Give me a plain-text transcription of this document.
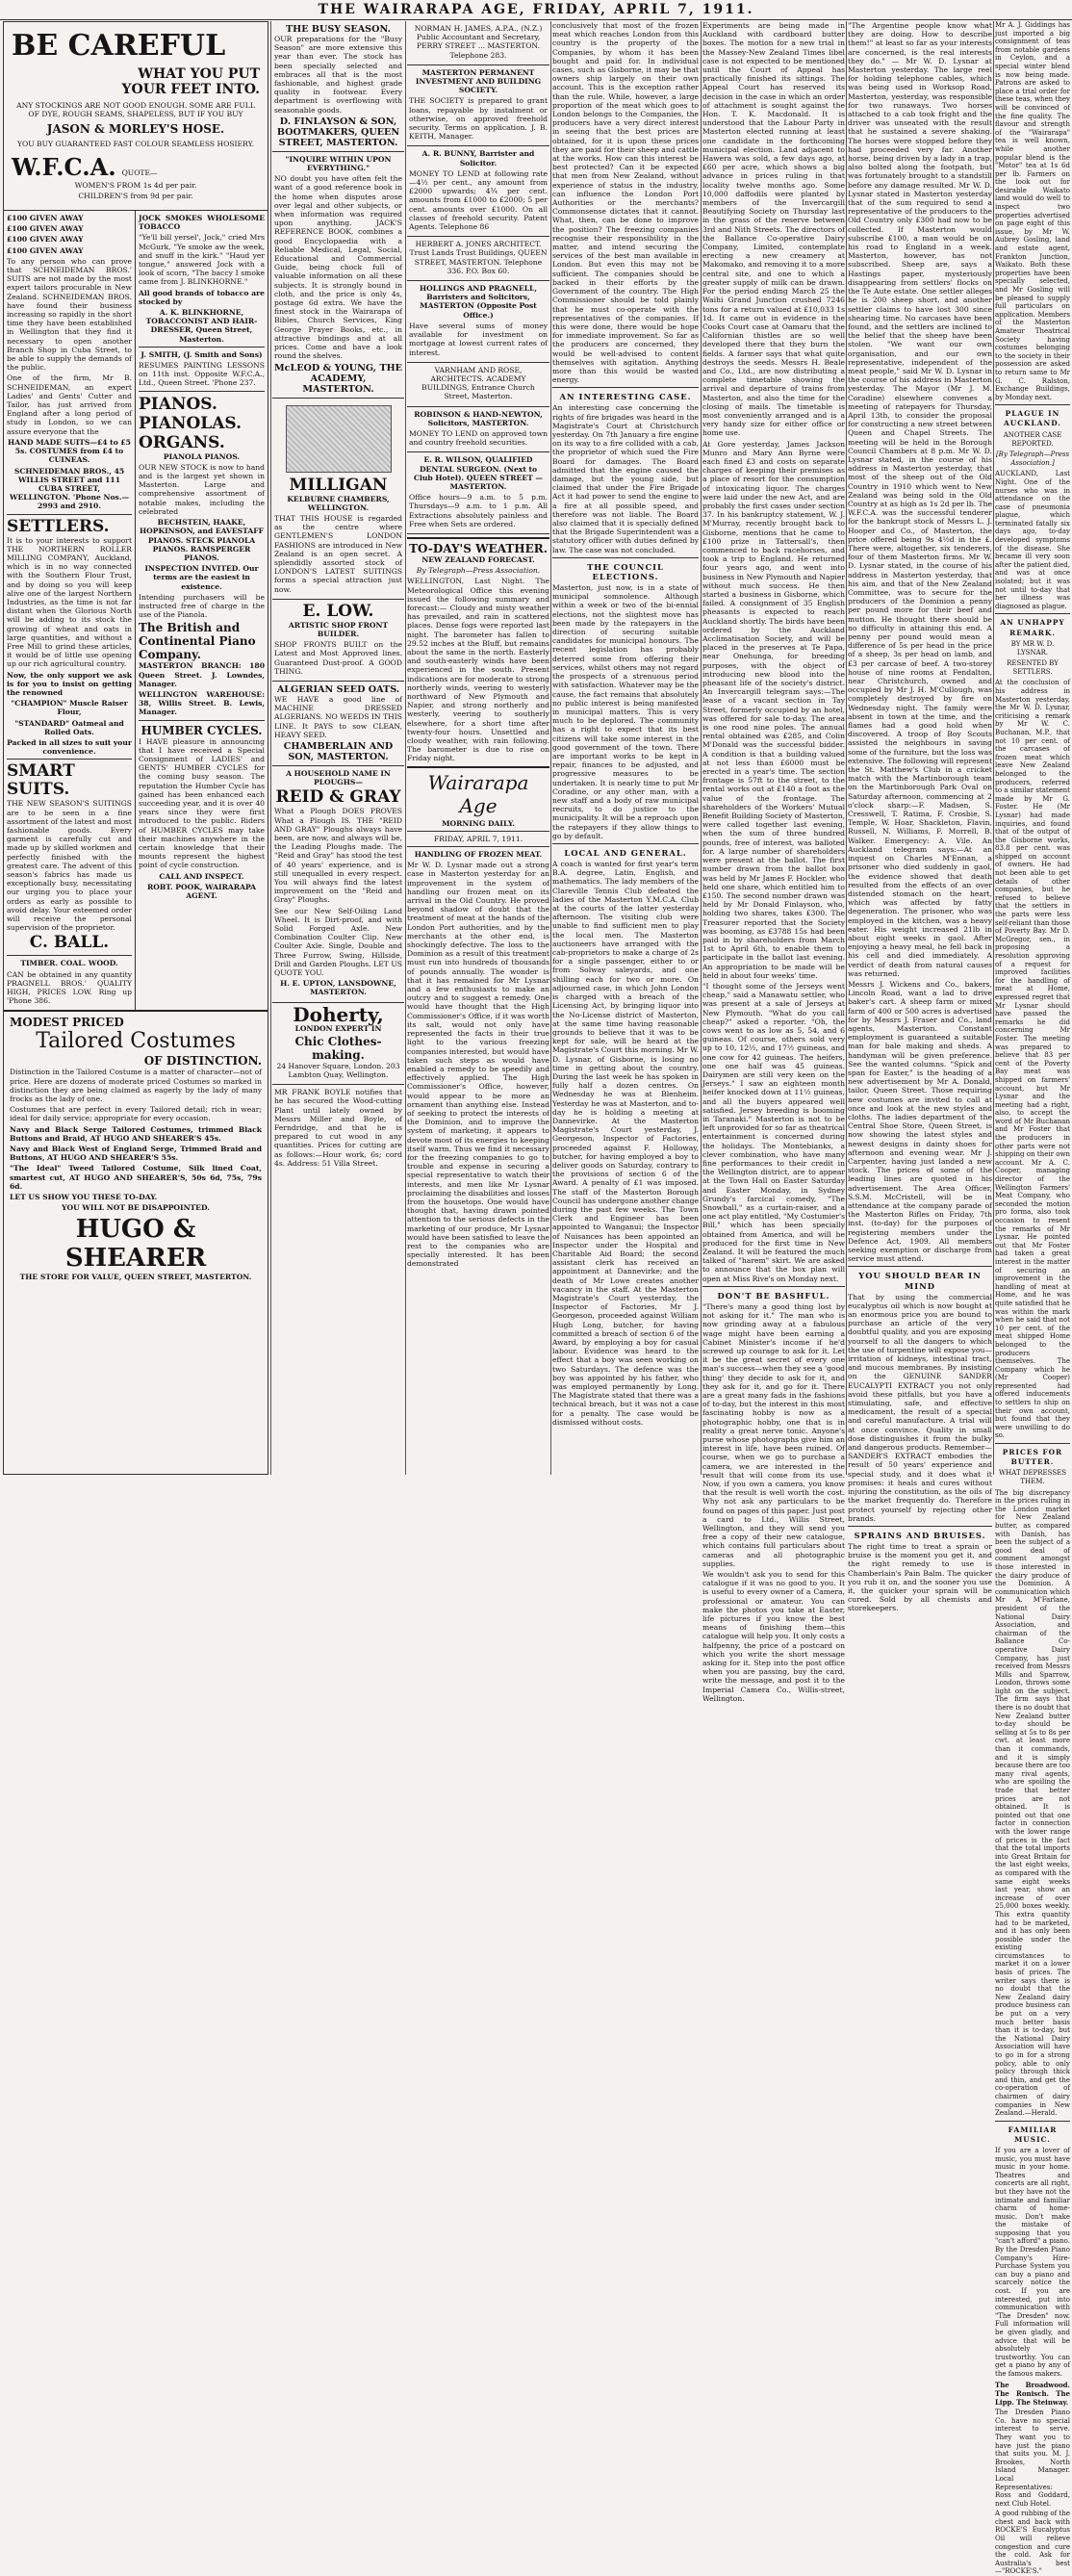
THE WAIRARAPA AGE, FRIDAY, APRIL 7, 1911.
BE CAREFUL
WHAT YOU PUT
YOUR FEET INTO.

ANY STOCKINGS ARE NOT GOOD ENOUGH. SOME ARE FULL OF DYE, ROUGH SEAMS, SHAPELESS, BUT IF YOU BUY

JASON & MORLEY'S HOSE.

YOU BUY GUARANTEED FAST COLOUR SEAMLESS HOSIERY.

W.F.C.A. QUOTE—

WOMEN'S FROM 1s 4d per pair.

CHILDREN'S from 9d per pair.

£100 GIVEN AWAY

£100 GIVEN AWAY

£100 GIVEN AWAY

£100 GIVEN AWAY

To any person who can prove that SCHNEIDEMAN BROS.' SUITS are not made by the most expert tailors procurable in New Zealand. SCHNEIDEMAN BROS. have found their business increasing so rapidly in the short time they have been established in Wellington that they find it necessary to open another Branch Shop in Cuba Street, to be able to supply the demands of the public.

One of the firm, Mr B. SCHNEIDEMAN, an expert Ladies' and Gents' Cutter and Tailor, has just arrived from England after a long period of study in London, so we can assure everyone that the

HAND MADE SUITS—£4 to £5 5s. COSTUMES from £4 to CUINEAS.

SCHNEIDEMAN BROS., 45 WILLIS STREET and 111 CUBA STREET, WELLINGTON. 'Phone Nos.—2993 and 2910.

SETTLERS.

It is to your interests to support THE NORTHERN ROLLER MILLING COMPANY, Auckland, which is in no way connected with the Southern Flour Trust, and by doing so you will keep alive one of the largest Northern Industries, as the time is not far distant when the Glorious North will be adding to its stock the growing of wheat and oats in large quantities, and without a Free Mill to grind these articles, it would be of little use opening up our rich agricultural country.

Now, the only support we ask is for you to insist on getting the renowned

"CHAMPION" Muscle Raiser Flour,

"STANDARD" Oatmeal and Rolled Oats.

Packed in all sizes to suit your convenience.

SMART SUITS.

THE NEW SEASON'S SUITINGS are to be seen in a fine assortment of the latest and most fashionable goods. Every garment is carefully cut and made up by skilled workmen and perfectly finished with the greatest care. The advent of this season's fabrics has made us exceptionally busy, necessitating our urging you to place your orders as early as possible to avoid delay. Your esteemed order will receive the personal supervision of the proprietor.

C. BALL.

TIMBER. COAL. WOOD.

CAN be obtained in any quantity PRAGNELL BROS.' QUALITY HIGH, PRICES LOW. Ring up 'Phone 386.

JOCK SMOKES WHOLESOME TOBACCO

"Ye'll bill yersel', Jock," cried Mrs McGurk, "Ye smoke aw the week, and snuff in the kirk." "Haud yer tongue," answered Jock with a look of scorn, "The baccy I smoke came from J. BLINKHORNE."

All good brands of tobacco are stocked by

A. K. BLINKHORNE, TOBACCONIST AND HAIR-DRESSER, Queen Street, Masterton.

J. SMITH, (J. Smith and Sons)

RESUMES PAINTING LESSONS on 11th inst. Opposite W.F.C.A., Ltd., Queen Street. 'Phone 237.

PIANOS. PIANOLAS. ORGANS.

PIANOLA PIANOS.

OUR NEW STOCK is now to hand and is the largest yet shown in Masterton. Large and comprehensive assortment of notable makes, including the celebrated

BECHSTEIN, HAAKE, HOPKINSON, and EAVESTAFF PIANOS. STECK PIANOLA PIANOS. RAMSPERGER PIANOS.

INSPECTION INVITED. Our terms are the easiest in existence.

Intending purchasers will be instructed free of charge in the use of the Pianola.

The British and Continental Piano Company.

MASTERTON BRANCH: 180 Queen Street. J. Lowndes, Manager.

WELLINGTON WAREHOUSE: 38, Willis Street. B. Lewis, Manager.

HUMBER CYCLES.

I HAVE pleasure in announcing that I have received a Special Consignment of LADIES' and GENTS' HUMBER CYCLES for the coming busy season. The reputation the Humber Cycle has gained has been enhanced each succeeding year, and it is over 40 years since they were first introduced to the public. Riders of HUMBER CYCLES may take their machines anywhere in the certain knowledge that their mounts represent the highest point of cycle construction.

CALL AND INSPECT.

ROBT. POOK, WAIRARAPA AGENT.

MODEST PRICED
Tailored Costumes
OF DISTINCTION.

Distinction in the Tailored Costume is a matter of character—not of price. Here are dozens of moderate priced Costumes so marked in distinction they are being claimed as eagerly by the lady of many frocks as the lady of one.

Costumes that are perfect in every Tailored detail; rich in wear; ideal for daily service; appropriate for every occasion.

Navy and Black Serge Tailored Costumes, trimmed Black Buttons and Braid, AT HUGO AND SHEARER'S 45s.

Navy and Black West of England Serge, Trimmed Braid and Buttons, AT HUGO AND SHEARER'S 55s.

"The Ideal" Tweed Tailored Costume, Silk lined Coat, smartest cut, AT HUGO AND SHEARER'S, 50s 6d, 75s, 79s 6d.

LET US SHOW YOU THESE TO-DAY.

YOU WILL NOT BE DISAPPOINTED.

HUGO & SHEARER

THE STORE FOR VALUE, QUEEN STREET, MASTERTON.

THE BUSY SEASON.

OUR preparations for the "Busy Season" are more extensive this year than ever. The stock has been specially selected and embraces all that is the most fashionable, and highest grade quality in footwear. Every department is overflowing with seasonable goods.

D. FINLAYSON & SON, BOOTMAKERS, QUEEN STREET, MASTERTON.

"INQUIRE WITHIN UPON EVERYTHING."

NO doubt you have often felt the want of a good reference book in the home when disputes arose over legal and other subjects, or when information was required upon anything. JACK'S REFERENCE BOOK, combines a good Encyclopaedia with a Reliable Medical, Legal, Social, Educational and Commercial Guide, being chock full of valuable information on all these subjects. It is strongly bound in cloth, and the price is only 4s, postage 6d extra. We have the finest stock in the Wairarapa of Bibles, Church Services, King George Prayer Books, etc., in attractive bindings and at all prices. Come and have a look round the shelves.

McLEOD & YOUNG, THE ACADEMY, MASTERTON.
MILLIGAN

KELBURNE CHAMBERS, WELLINGTON.

THAT THIS HOUSE is regarded as the centre where GENTLEMEN'S LONDON FASHIONS are introduced in New Zealand is an open secret. A splendidly assorted stock of LONDON'S LATEST SUITINGS forms a special attraction just now.

E. LOW.

ARTISTIC SHOP FRONT BUILDER.

SHOP FRONTS BUILT on the Latest and Most Approved lines. Guaranteed Dust-proof. A GOOD THING.

ALGERIAN SEED OATS.

WE HAVE a good line of MACHINE DRESSED ALGERIANS. NO WEEDS IN THIS LINE. It PAYS to sow CLEAN, HEAVY SEED.

CHAMBERLAIN AND SON, MASTERTON.

A HOUSEHOLD NAME IN PLOUGHS—

REID & GRAY

What a Plough DOES PROVES What a Plough IS. THE "REID AND GRAY" Ploughs always have been, are now, and always will be, the Leading Ploughs made. The "Reid and Gray" has stood the test of 40 years' experience, and is still unequalled in every respect. You will always find the latest improvement on the "Reid and Gray" Ploughs.

See our New Self-Oiling Land Wheel. It is Dirt-proof, and with Solid Forged Axle. New Combination Coulter Clip. New Coulter Axle. Single, Double and Three Furrow, Swing, Hillside, Drill and Garden Ploughs. LET US QUOTE YOU.

H. E. UPTON, LANSDOWNE, MASTERTON.

Doherty,

LONDON EXPERT IN

Chic Clothes-making.

24 Hanover Square, London. 203 Lambton Quay, Wellington.

MR FRANK BOYLE notifies that he has secured the Wood-cutting Plant until lately owned by Messrs Miller and Boyle, of Ferndridge, and that he is prepared to cut wood in any quantities. Prices for cutting are as follows:—Hour work, 6s; cord 4s. Address: 51 Villa Street.

NORMAN H. JAMES, A.P.A., (N.Z.) Public Accountant and Secretary, PERRY STREET ... MASTERTON. Telephone 283.

MASTERTON PERMANENT INVESTMENT AND BUILDING SOCIETY.

THE SOCIETY is prepared to grant loans, repayable by instalment or otherwise, on approved freehold security. Terms on application. J. B. KEITH, Manager.

A. R. BUNNY, Barrister and Solicitor.

MONEY TO LEND at following rate—4½ per cent., any amount from £2000 upwards; 4¾ per cent. amounts from £1000 to £2000; 5 per cent. amounts over £1000. On all classes of freehold security. Patent Agents. Telephone 86

HERBERT A. JONES ARCHITECT. Trust Lands Trust Buildings, QUEEN STREET, MASTERTON. Telephone 336. P.O. Box 60.

HOLLINGS AND PRAGNELL, Barristers and Solicitors, MASTERTON (Opposite Post Office.)

Have several sums of money available for investment on mortgage at lowest current rates of interest.

VARNHAM AND ROSE, ARCHITECTS. ACADEMY BUILDINGS, Entrance Church Street, Masterton.

ROBINSON & HAND-NEWTON, Solicitors, MASTERTON.

MONEY TO LEND on approved town and country freehold securities.

E. R. WILSON, QUALIFIED DENTAL SURGEON. (Next to Club Hotel). QUEEN STREET — MASTERTON.

Office hours—9 a.m. to 5 p.m. Thursdays—9 a.m. to 1 p.m. All Extractions absolutely painless and Free when Sets are ordered.

TO-DAY'S WEATHER.

NEW ZEALAND FORECAST.

By Telegraph—Press Association.

WELLINGTON, Last Night. The Meteorological Office this evening issued the following summary and forecast:— Cloudy and misty weather has prevailed, and rain in scattered places. Dense fogs were reported last night. The barometer has fallen to 29.52 inches at the Bluff, but remains about the same in the north. Easterly and south-easterly winds have been experienced in the south. Present indications are for moderate to strong northerly winds, veering to westerly northward of New Plymouth and Napier, and strong northerly and westerly, veering to southerly elsewhere, for a short time after twenty-four hours. Unsettled and cloudy weather, with rain following. The barometer is due to rise on Friday night.

Wairarapa Age

MORNING DAILY.

FRIDAY, APRIL 7, 1911.

HANDLING OF FROZEN MEAT.

Mr W. D. Lysnar made out a strong case in Masterton yesterday for an improvement in the system of handling our frozen meat on its arrival in the Old Country. He proved beyond shadow of doubt that the treatment of meat at the hands of the London Port authorities, and by the merchants at the other end, is shockingly defective. The loss to the Dominion as a result of this treatment must run into hundreds of thousands of pounds annually. The wonder is that it has remained for Mr Lysnar and a few enthusiasts to make an outcry and to suggest a remedy. One would have thought that the High Commissioner's Office, if it was worth its salt, would not only have represented the facts in their true light to the various freezing companies interested, but would have taken such steps as would have enabled a remedy to be speedily and effectively applied. The High Commissioner's Office, however, would appear to be more an ornament than anything else. Instead of seeking to protect the interests of the Dominion, and to improve the system of marketing, it appears to devote most of its energies to keeping itself warm. Thus we find it necessary for the freezing companies to go to trouble and expense in securing a special representative to watch their interests, and men like Mr Lysnar proclaiming the disabilities and losses from the housetops. One would have thought that, having drawn pointed attention to the serious defects in the marketing of our produce, Mr Lysnar would have been satisfied to leave the rest to the companies who are specially interested. It has been demonstrated

conclusively that most of the frozen meat which reaches London from this country is the property of the Companies, by whom it has been bought and paid for. In individual cases, such as Gisborne, it may be that owners ship largely on their own account. This is the exception rather than the rule. While, however, a large proportion of the meat which goes to London belongs to the Companies, the producers have a very direct interest in seeing that the best prices are obtained, for it is upon these prices they are paid for their sheep and cattle at the works. How can this interest be best protected? Can it be expected that men from New Zealand, without experience of status in the industry, can influence the London Port Authorities or the merchants? Commonsense dictates that it cannot. What, then, can be done to improve the position? The freezing companies recognise their responsibility in the matter, and intend securing the services of the best man available in London. But even this may not be sufficient. The companies should be backed in their efforts by the Government of the country. The High Commissioner should be told plainly that he must co-operate with the representatives of the companies. If this were done, there would be hope for immediate improvement. So far as the producers are concerned, they would be well-advised to content themselves with agitation. Anything more than this would be wasted energy.

AN INTERESTING CASE.

An interesting case concerning the rights of fire brigades was heard in the Magistrate's Court at Christchurch yesterday. On 7th January a fire engine on its way to a fire collided with a cab, the proprietor of which sued the Fire Board for damages. The Board admitted that the engine caused the damage, but the young side, but claimed that under the Fire Brigade Act it had power to send the engine to a fire at all possible speed, and therefore was not liable. The Board also claimed that it is specially defined that the Brigade Superintendent was a statutory officer with duties defined by law. The case was not concluded.

THE COUNCIL ELECTIONS.

Masterton, just now, is in a state of municipal somnolence. Although within a week or two of the bi-ennial elections, not the slightest move has been made by the ratepayers in the direction of securing suitable candidates for municipal honours. The recent legislation has probably deterred some from offering their services, whilst others may not regard the prospects of a strenuous period with satisfaction. Whatever may be the cause, the fact remains that absolutely no public interest is being manifested in municipal matters. This is very much to be deplored. The community has a right to expect that its best citizens will take some interest in the good government of the town. There are important works to be kept in repair, finances to be adjusted, and progressive measures to be undertaken. It is nearly time to put Mr Coradine, or any other man, with a new staff and a body of raw municipal recruits, to do justice to the municipality. It will be a reproach upon the ratepayers if they allow things to go by default.

LOCAL AND GENERAL.

A coach is wanted for first year's term B.A. degree, Latin, English, and mathematics. The lady members of the Clareville Tennis Club defeated the ladies of the Masterton Y.M.C.A. Club at the courts of the latter yesterday afternoon. The visiting club were unable to find sufficient men to play the local men. The Masterton auctioneers have arranged with the cab-proprietors to make a charge of 2s for a single passenger, either to or from Solway saleyards, and one shilling each for two or more. On adjourned case, in which John London is charged with a breach of the Licensing Act, by bringing liquor into the No-License district of Masterton, at the same time having reasonable grounds to believe that it was to be kept for sale, will be heard at the Magistrate's Court this morning. Mr W. D. Lysnar, of Gisborne, is losing no time in getting about the country. During the last week he has spoken in fully half a dozen centres. On Wednesday he was at Blenheim. Yesterday he was at Masterton, and to-day he is holding a meeting at Dannevirke. At the Masterton Magistrate's Court yesterday, J. Georgeson, Inspector of Factories, proceeded against F. Holloway, butcher, for having employed a boy to deliver goods on Saturday, contrary to the provisions of section 6 of the Award. A penalty of £1 was imposed. The staff of the Masterton Borough Council has undergone another change during the past few weeks. The Town Clerk and Engineer has been appointed to Wanganui; the Inspector of Nuisances has been appointed an Inspector under the Hospital and Charitable Aid Board; the second assistant clerk has received an appointment at Dannevirke; and the death of Mr Lowe creates another vacancy in the staff. At the Masterton Magistrate's Court yesterday, the Inspector of Factories, Mr J. Georgeson, proceeded against William Hugh Long, butcher, for having committed a breach of section 6 of the Award, by employing a boy for casual labour. Evidence was heard to the effect that a boy was seen working on two Saturdays. The defence was the boy was appointed by his father, who was employed permanently by Long. The Magistrate stated that there was a technical breach, but it was not a case for a penalty. The case would be dismissed without costs.

Experiments are being made in Auckland with cardboard butter boxes. The motion for a new trial in the Massey-New Zealand Times libel case is not expected to be mentioned until the Court of Appeal has practically finished its sittings. The Appeal Court has reserved its decision in the case in which an order of attachment is sought against the Hon. T. K. Macdonald. It is understood that the Labour Party in Masterton elected running at least one candidate in the forthcoming municipal election. Land adjacent to Hawera was sold, a few days ago, at £60 per acre, which shows a big advance in prices ruling in that locality twelve months ago. Some 10,000 daffodils were planted by members of the Invercargill Beautifying Society on Thursday last in the grass of the reserve between 3rd and Nith Streets. The directors of the Ballance Co-operative Dairy Company, Limited, contemplate erecting a new creamery at Makomako, and removing it to a more central site, and one to which a greater supply of milk can be drawn. For the period ending March 25 the Waihi Grand Junction crushed 7246 tons for a return valued at £10,033 1s 1d. It came out in evidence in the Cooks Court case at Oamaru that the Californian thistles are so well developed there that they burn the fields. A farmer says that what quite destroys the seeds. Messrs H. Beale and Co., Ltd., are now distributing a complete timetable showing the arrival and departure of trains from Masterton, and also the time for the closing of mails. The timetable is most conveniently arranged and is a very handy size for either office or home use.

At Gore yesterday, James Jackson Munro and Mary Ann Byrne were each fined £3 and costs on separate charges of keeping their premises as a place of resort for the consumption of intoxicating liquor. The charges were laid under the new Act, and are probably the first cases under section 37. In his bankruptcy statement, W. J. M'Murray, recently brought back to Gisborne, mentions that he came to £100 prize in Tattersall's, then commenced to back racehorses, and took a trip to England. He returned four years ago, and went into business in New Plymouth and Napier without much success. He then started a business in Gisborne, which failed. A consignment of 35 English pheasants is expected to reach Auckland shortly. The birds have been ordered by the Auckland Acclimatisation Society, and will be placed in the preserves at Te Papa, near Onehunga, for breeding purposes, with the object of introducing new blood into the pheasant life of the society's district. An Invercargill telegram says:—The lease of a vacant section in Tay Street, formerly occupied by an hotel, was offered for sale to-day. The area is one rood nine poles. The annual rental obtained was £285, and Colin M'Donald was the successful bidder. A condition is that a building valued at not less than £6000 must be erected in a year's time. The section frontage is 57ft to the street, to the rental works out at £140 a foot as the value of the frontage. The shareholders of the Workers' Mutual Benefit Building Society of Masterton, were called together last evening, when the sum of three hundred pounds, free of interest, was balloted for. A large number of shareholders were present at the ballot. The first number drawn from the ballot box was held by Mr James F. Hockler, who held one share, which entitled him to £150. The second number drawn was held by Mr Donald Finlayson, who, holding two shares, takes £300. The Treasurer reported that the Society was booming, as £3788 15s had been paid in by shareholders from March 1st to April 6th, to enable them to participate in the ballot last evening. An appropriation to be made will be held in about four weeks' time.

"I thought some of the Jerseys went cheap," said a Manawatu settler, who was present at a sale of Jerseys at New Plymouth. "What do you call cheap?" asked a reporter. "Oh, the cows went to as low as 5, 54, and 6 guineas. Of course, others sold very up to 10, 12½, and 17½ guineas, and one cow for 42 guineas. The heifers, one one half was 45 guineas. Dairymen are still very keen on the Jerseys." I saw an eighteen month heifer knocked down at 11½ guineas, and all the buyers appeared well satisfied. Jersey breeding is booming in Taranaki." Masterton is not to be left unprovided for so far as theatrical entertainment is concerned during the holidays. The Montebianks, a clever combination, who have many fine performances to their credit in the Wellington district, are to appear at the Town Hall on Easter Saturday and Easter Monday, in Sydney Grundy's farcical comedy, "The Snowball," as a curtain-raiser, and a one act play entitled, "My Costumier's Bill," which has been specially obtained from America, and will be produced for the first time in New Zealand. It will be featured the much talked of "harem" skirt. We are asked to announce that the box plan will open at Miss Rive's on Monday next.

DON'T BE BASHFUL.

"There's many a good thing lost by not asking for it." The man who is now grinding away at a fabulous wage might have been earning a Cabinet Minister's income if he'd screwed up courage to ask for it. Let it be the great secret of every one man's success—when they see a 'good thing' they decide to ask for it, and they ask for it, and go for it. There are a great many fads in the fashions of to-day, but the interest in this most fascinating hobby is now as a photographic hobby, one that is in reality a great nerve tonic. Anyone's purse whose photographs give him an interest in life, have been ruined. Of course, when we go to purchase a camera, we are interested in the result that will come from its use. Now, if you own a camera, you know that the result is well worth the cost. Why not ask any particulars to be found on pages of this paper. Just post a card to Ltd., Willis Street, Wellington, and they will send you free a copy of their new catalogue, which contains full particulars about cameras and all photographic supplies.

We wouldn't ask you to send for this catalogue if it was no good to you. It is useful to every owner of a Camera, professional or amateur. You can make the photos you take at Easter, life pictures if you know the best means of finishing them—this catalogue will help you. It only costs a halfpenny, the price of a postcard on which you write the short message asking for it. Step into the post office when you are passing, buy the card, write the message, and post it to the Imperial Camera Co., Willis-street, Wellington.

"The Argentine people know what they are doing. How to describe them!" at least so far as your interests are concerned, is the real interests they do." — Mr W. D. Lysnar at Masterton yesterday. The large reel for holding telephone cables, which was being used in Worksop Road, Masterton, yesterday, was responsible for two runaways. Two horses attached to a cab took fright and the driver was unseated with the result that he sustained a severe shaking. The horses were stopped before they had proceeded very far. Another horse, being driven by a lady in a trap, also bolted along the footpath, but was fortunately brought to a standstill before any damage resulted. Mr W. D. Lysnar stated in Masterton yesterday that of the sum required to send a representative of the producers to the Old Country only £300 had now to be collected. If Masterton would subscribe £100, a man would be on his road to England in a week. Masterton, however, has not subscribed. Sheep are, says a Hastings paper, mysteriously disappearing from settlers' flocks on the Te Aute estate. One settler alleges he is 200 sheep short, and another settler claims to have lost 300 since shearing time. No carcases have been found, and the settlers are inclined to the belief that the sheep have been stolen. "We want our own organisation, and our own representative, independent of the meat people," said Mr W. D. Lysnar in the course of his address in Masterton yesterday. The Mayor (Mr J. M. Coradine) elsewhere convenes a meeting of ratepayers for Thursday, April 13th, to consider the proposal for constructing a new street between Queen and Chapel Streets. The meeting will be held in the Borough Council Chambers at 8 p.m. Mr W. D. Lysnar stated, in the course of his address in Masterton yesterday, that most of the sheep out of the Old Country in 1910 which went to New Zealand was being sold in the Old Country at as high as 1s 2d per lb. The W.F.C.A. was the successful tenderer for the bankrupt stock of Messrs L. J. Hooper and Co., of Masterton, the price offered being 9s 4½d in the £. There were, altogether, six tenderers, four of them Masterton firms. Mr W. D. Lysnar stated, in the course of his address in Masterton yesterday, that his aim, and that of the New Zealand Committee, was to secure for the producers of the Dominion a penny per pound more for their beef and mutton. He thought there should be no difficulty in attaining this end. A penny per pound would mean a difference of 5s per head in the price of a sheep, 3s per head on lamb, and £3 per carcase of beef. A two-storey house of nine rooms at Fendalton, near Christchurch, owned and occupied by Mr J. H. M'Cullough, was completely destroyed by fire on Wednesday night. The family were absent in town at the time, and the flames had a good hold when discovered. A troop of Boy Scouts assisted the neighbours in saving some of the furniture, but the loss was extensive. The following will represent the St. Matthew's Club in a cricket match with the Martinborough team on the Martinborough Park Oval on Saturday afternoon, commencing at 2 o'clock sharp:—F. Madsen, S. Cresswell, T. Ratima, F. Crosbie, S. Temple, W. Hoar, Shackleton, Flavin, Russell, N. Williams, F. Morrell, B. Walker. Emergency: A. Vile. An Auckland telegram says:—At an inquest on Charles M'Ennan, a prisoner who died suddenly in gaol, the evidence showed that death resulted from the effects of an over distended stomach on the heart, which was affected by fatty degeneration. The prisoner, who was employed in the kitchen, was a heavy eater. His weight increased 21lb in about eight weeks in gaol. After enjoying a heavy meal, he fell back in his cell and died immediately. A verdict of death from natural causes was returned.

Messrs J. Wickens and Co., bakers, Lincoln Road, want a lad to drive baker's cart. A sheep farm or mixed farm of 400 or 500 acres is advertised for by Messrs J. Fraser and Co., land agents, Masterton. Constant employment is guaranteed a suitable man for bale making and sheds. A handyman will be given preference. See the wanted columns. "Spick and span for Easter," is the heading of a new advertisement by Mr A. Donald, tailor, Queen Street. Those requiring new costumes are invited to call at once and look at the new styles and cloths. The ladies department of the Central Shoe Store, Queen Street, is now showing the latest styles and newest designs in dainty shoes for afternoon and evening wear. Mr J. Carpenter, having just landed a new stock. The prices of some of the leading lines are quoted in his advertisement. The Area Officer, S.S.M. McCristell, will be in attendance at the company parade of the Masterton Rifles on Friday, 7th inst. (to-day) for the purposes of registering members under the Defence Act, 1909. All members seeking exemption or discharge from service must attend.

YOU SHOULD BEAR IN MIND

That by using the commercial eucalyptus oil which is now bought at an enormous price you are bound to purchase an article of the very doubtful quality, and you are exposing yourself to all the dangers to which the use of turpentine will expose you—irritation of kidneys, intestinal tract, and mucous membranes. By insisting on the GENUINE SANDER EUCALYPTI EXTRACT you not only avoid these pitfalls, but you have a stimulating, safe, and effective medicament, the result of a special and careful manufacture. A trial will at once convince. Quality in small dose distinguishes it from the bulky and dangerous products. Remember—SANDER'S EXTRACT embodies the result of 50 years' experience and special study, and it does what it promises: it heals and cures without injuring the constitution, as the oils of the market frequently do. Therefore protect yourself by rejecting other brands.

SPRAINS AND BRUISES.

The right time to treat a sprain or bruise is the moment you get it, and the right remedy to use is Chamberlain's Pain Balm. The quicker you rub it on, and the sooner you use it, the quicker your sprain will be cured. Sold by all chemists and storekeepers.

Mr A. J. Giddings has just imported a big consignment of teas from notable gardens in Ceylon, and a special winter blend is now being made. Patrons are asked to place a trial order for these teas, when they will be convinced of the fine quality. The flavour and strength of the "Wairarapa" tea is well known, while another popular blend is the "Motor" tea at 1s 6d per lb. Farmers on the look out for desirable Waikato land would do well to inspect two properties advertised on page eight of this issue, by Mr W. Aubrey Gosling, land and estate agent, Frankton Junction, Waikato. Both these properties have been specially selected, and Mr Gosling will be pleased to supply full particulars on application. Members of the Masterton Amateur Theatrical Society having costumes belonging to the society in their possession are asked to return same to Mr G. C. Ralston, Exchange Buildings, by Monday next.

PLAGUE IN AUCKLAND.

ANOTHER CASE REPORTED.

[By Telegraph—Press Association.]

AUCKLAND, Last Night. One of the nurses who was in attendance on the case of pneumonia plague, which terminated fatally six days ago, to-day developed symptoms of the disease. She became ill very soon after the patient died, and was at once isolated; but it was not until to-day that her illness was diagnosed as plague.

AN UNHAPPY REMARK.

BY MR W. D. LYSNAR.

RESENTED BY SETTLERS.

At the conclusion of his address in Masterton yesterday, the Mr W. D. Lysnar, criticising a remark by Mr W. C. Buchanan, M.P., that not 10 per cent. of the carcases of frozen meat which leave New Zealand belonged to the producers, referred to a similar statement made by Mr G. Foster. He (Mr Lysnar) had made inquiries, and found that of the output of the Gisborne works, 83.8 per cent. was shipped on account of owners. He had not been able to get details of other companies, but he refused to believe that the settlers in the parts were less self-reliant than those of Poverty Bay. Mr D. McGregor, sen., in proposing a resolution approving of a request for improved facilities for the handling of meat at Home, expressed regret that Mr Lysnar should have passed the remarks he did concerning Mr Foster. The meeting was prepared to believe that 83 per cent of the Poverty Bay meat was shipped on farmers' account, but Mr Lysnar and the meeting had a right, also, to accept the word of Mr Buchanan and Mr Foster that the producers in other parts were not shipping on their own account. Mr A. C. Cooper, managing director of the Wellington Farmers' Meat Company, who seconded the motion pro forma, also took occasion to resent the remarks of Mr Lysnar. He pointed out that Mr Foster had taken a great interest in the matter of securing an improvement in the handling of meat at Home, and he was quite satisfied that he was within the mark when he said that not 10 per cent. of the meat shipped Home belonged to the producers themselves. The Company which he (Mr Cooper) represented had offered inducements to settlers to ship on their own account, but found that they were unwilling to do so.

PRICES FOR BUTTER.

WHAT DEPRESSES THEM.

The big discrepancy in the prices ruling in the London market for New Zealand butter, as compared with Danish, has been the subject of a good deal of comment amongst those interested in the dairy produce of the Dominion. A communication which Mr A. M'Farlane, president of the National Dairy Association, and chairman of the Ballance Co-operative Dairy Company, has just received from Messrs Mills and Sparrow, London, throws some light on the subject. The firm says that there is no doubt that New Zealand butter to-day should be selling at 5s to 8s per cwt. at least more than it commands, and it is simply because there are too many rival agents, who are spoiling the trade that better prices are not obtained. It is pointed out that one factor in connection with the lower range of prices is the fact that the total imports into Great Britain for the last eight weeks, as compared with the same eight weeks last year, show an increase of over 25,000 boxes weekly. This extra quantity had to be marketed, and it has only been possible under the existing circumstances to market it on a lower basis of prices. The writer says there is no doubt that the New Zealand dairy produce business can be put on a very much better basis than it is to-day, but the National Dairy Association will have to go in for a strong policy, able to only policy through thick and thin, and get the co-operation of chairmen of dairy companies in New Zealand.—Herald.

FAMILIAR MUSIC.

If you are a lover of music, you must have music in your home. Theatres and concerts are all right, but they have not the intimate and familiar charm of home-music. Don't make the mistake of supposing that you "can't afford" a piano. By the Dresden Piano Company's Hire-Purchase System you can buy a piano and scarcely notice the cost. If you are interested, put into communication with "The Dresden" now. Full information will be given gladly, and advice that will be absolutely trustworthy. You can get a piano by any of the famous makers.

The Broadwood. The Ronisch. The Lipp. The Steinway.

The Dresden Piano Co. have no special interest to serve. They want you to have just the piano that suits you. M. J. Brookes, North Island Manager. Local Representatives: Ross and Goddard, next Club Hotel.

A good rubbing of the chest and back with ROCKE'S Eucalyptus Oil will relieve congestion and cure the cold. Ask for Australia's best—"ROCKE'S."
